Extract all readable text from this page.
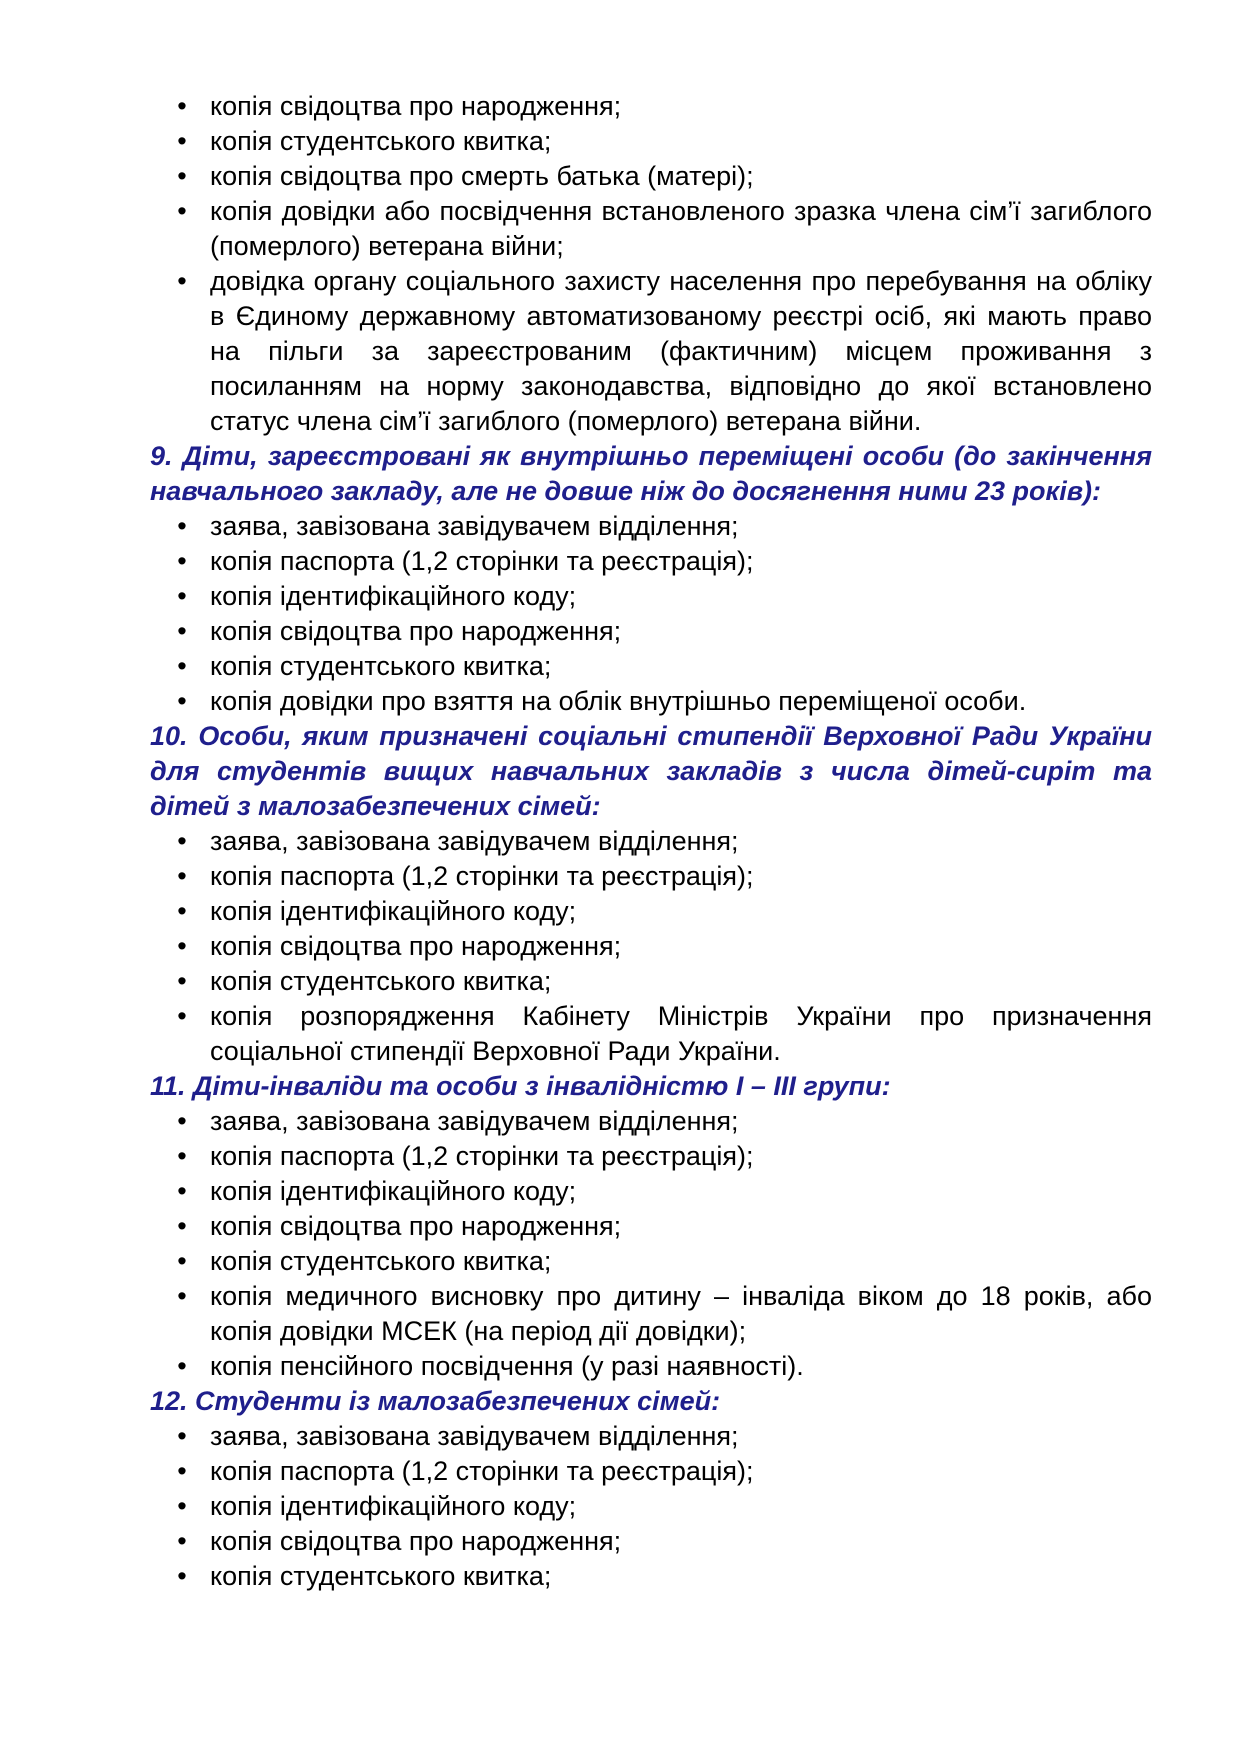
• копія свідоцтва про народження;
• копія студентського квитка;
• копія свідоцтва про смерть батька (матері);
• копія довідки або посвідчення встановленого зразка члена сім’ї загиблого (померлого) ветерана війни;
• довідка органу соціального захисту населення про перебування на обліку в Єдиному державному автоматизованому реєстрі осіб, які мають право на пільги за зареєстрованим (фактичним) місцем проживання з посиланням на норму законодавства, відповідно до якої встановлено статус члена сім’ї загиблого (померлого) ветерана війни.
9. Діти, зареєстровані як внутрішньо переміщені особи (до закінчення навчального закладу, але не довше ніж до досягнення ними 23 років):
• заява, завізована завідувачем відділення;
• копія паспорта (1,2 сторінки та реєстрація);
• копія ідентифікаційного коду;
• копія свідоцтва про народження;
• копія студентського квитка;
• копія довідки про взяття на облік внутрішньо переміщеної особи.
10. Особи, яким призначені соціальні стипендії Верховної Ради України для студентів вищих навчальних закладів з числа дітей-сиріт та дітей з малозабезпечених сімей:
• заява, завізована завідувачем відділення;
• копія паспорта (1,2 сторінки та реєстрація);
• копія ідентифікаційного коду;
• копія свідоцтва про народження;
• копія студентського квитка;
• копія розпорядження Кабінету Міністрів України про призначення соціальної стипендії Верховної Ради України.
11. Діти-інваліди та особи з інвалідністю І – ІІІ групи:
• заява, завізована завідувачем відділення;
• копія паспорта (1,2 сторінки та реєстрація);
• копія ідентифікаційного коду;
• копія свідоцтва про народження;
• копія студентського квитка;
• копія медичного висновку про дитину – інваліда віком до 18 років, або копія довідки МСЕК (на період дії довідки);
• копія пенсійного посвідчення (у разі наявності).
12. Студенти із малозабезпечених сімей:
• заява, завізована завідувачем відділення;
• копія паспорта (1,2 сторінки та реєстрація);
• копія ідентифікаційного коду;
• копія свідоцтва про народження;
• копія студентського квитка;
